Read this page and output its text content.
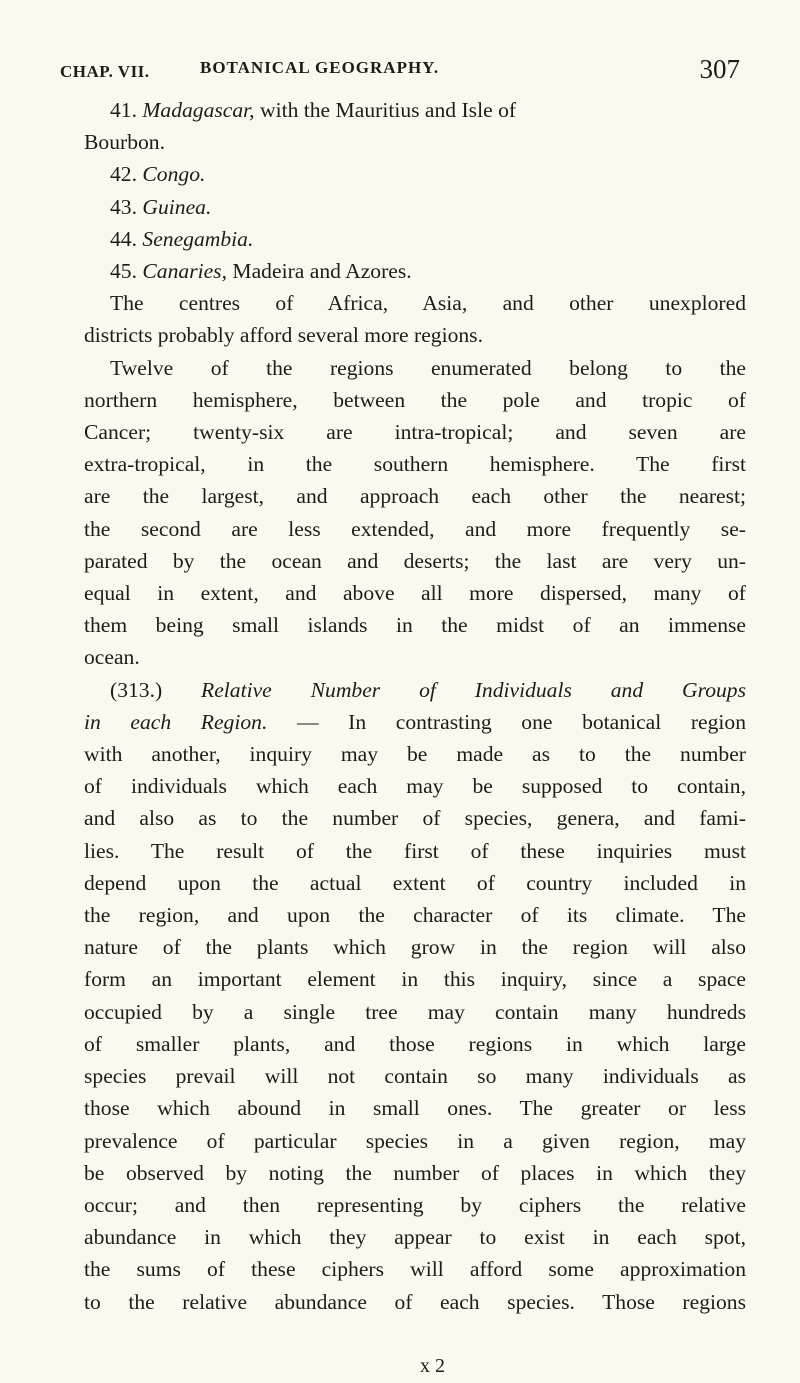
CHAP. VII.	BOTANICAL GEOGRAPHY.	307
41. Madagascar, with the Mauritius and Isle of
Bourbon.
42. Congo.
43. Guinea.
44. Senegambia.
45. Canaries, Madeira and Azores.
The centres of Africa, Asia, and other unexplored
districts probably afford several more regions.
Twelve of the regions enumerated belong to the
northern hemisphere, between the pole and tropic of
Cancer; twenty-six are intra-tropical; and seven are
extra-tropical, in the southern hemisphere. The first
are the largest, and approach each other the nearest;
the second are less extended, and more frequently se-
parated by the ocean and deserts; the last are very un-
equal in extent, and above all more dispersed, many of
them being small islands in the midst of an immense
ocean.
(313.) Relative Number of Individuals and Groups
in each Region. — In contrasting one botanical region
with another, inquiry may be made as to the number
of individuals which each may be supposed to contain,
and also as to the number of species, genera, and fami-
lies. The result of the first of these inquiries must
depend upon the actual extent of country included in
the region, and upon the character of its climate. The
nature of the plants which grow in the region will also
form an important element in this inquiry, since a space
occupied by a single tree may contain many hundreds
of smaller plants, and those regions in which large
species prevail will not contain so many individuals as
those which abound in small ones. The greater or less
prevalence of particular species in a given region, may
be observed by noting the number of places in which they
occur; and then representing by ciphers the relative
abundance in which they appear to exist in each spot,
the sums of these ciphers will afford some approximation
to the relative abundance of each species. Those regions
x 2
